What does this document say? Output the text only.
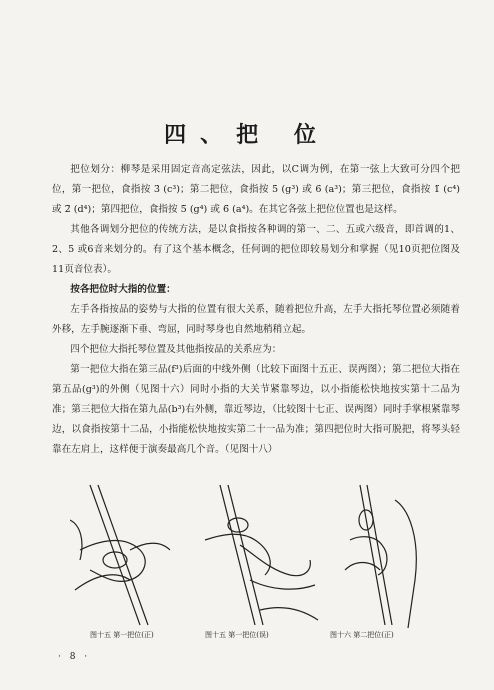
四、把 位

把位划分：柳琴是采用固定音高定弦法，因此，以C调为例，在第一弦上大致可分四个把位，第一把位，食指按 3̇ (c³)；第二把位，食指按 5̇ (g³) 或 6̇ (a³)；第三把位，食指按 1̈ (c⁴) 或 2̈ (d⁴)；第四把位，食指按 5̈ (g⁴) 或 6̈ (a⁴)。在其它各弦上把位位置也是这样。

其他各调划分把位的传统方法，是以食指按各种调的第一、二、五或六级音，即首调的1、2、5 或6音来划分的。有了这个基本概念，任何调的把位即较易划分和掌握（见10页把位图及11页音位表）。

按各把位时大指的位置：

左手各指按品的姿势与大指的位置有很大关系，随着把位升高，左手大指托琴位置必须随着外移，左手腕逐渐下垂、弯屈，同时琴身也自然地稍稍立起。

四个把位大指托琴位置及其他指按品的关系应为：

第一把位大指在第三品(f³)后面的中线外侧（比较下面图十五正、误两图）；第二把位大指在第五品(g³)的外侧（见图十六）同时小指的大关节紧靠琴边，以小指能松快地按实第十二品为准；第三把位大指在第九品(b³)右外侧，靠近琴边，（比较图十七正、误两图）同时手掌根紧靠琴边，以食指按第十二品，小指能松快地按实第二十一品为准；第四把位时大指可脱把，将琴头轻靠在左肩上，这样便于演奏最高几个音。（见图十八）

图十五 第一把位(正)	图十五 第一把位(误)	图十六 第二把位(正)
· 8 ·
